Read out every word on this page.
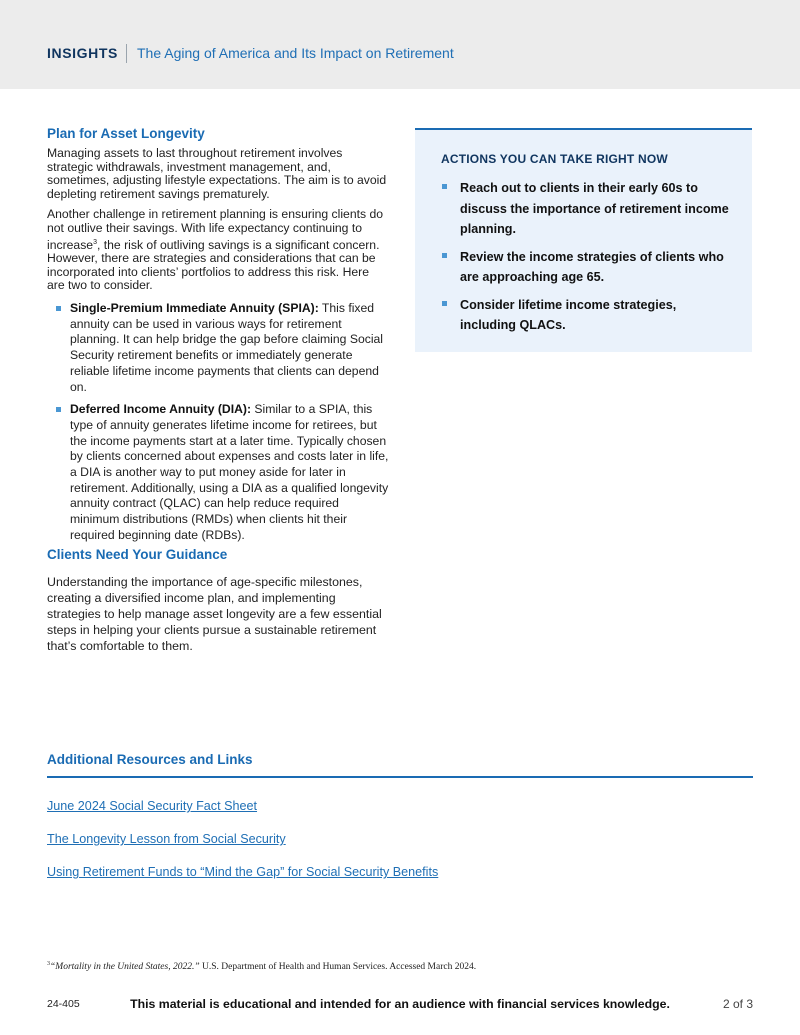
INSIGHTS The Aging of America and Its Impact on Retirement
Plan for Asset Longevity

Managing assets to last throughout retirement involves strategic withdrawals, investment management, and, sometimes, adjusting lifestyle expectations. The aim is to avoid depleting retirement savings prematurely.

Another challenge in retirement planning is ensuring clients do not outlive their savings. With life expectancy continuing to increase$^3$, the risk of outliving savings is a significant concern. However, there are strategies and considerations that can be incorporated into clients’ portfolios to address this risk. Here are two to consider.

Single-Premium Immediate Annuity (SPIA): This fixed annuity can be used in various ways for retirement planning. It can help bridge the gap before claiming Social Security retirement benefits or immediately generate reliable lifetime income payments that clients can depend on.
Deferred Income Annuity (DIA): Similar to a SPIA, this type of annuity generates lifetime income for retirees, but the income payments start at a later time. Typically chosen by clients concerned about expenses and costs later in life, a DIA is another way to put money aside for later in retirement. Additionally, using a DIA as a qualified longevity annuity contract (QLAC) can help reduce required minimum distributions (RMDs) when clients hit their required beginning date (RDBs).
Clients Need Your Guidance

Understanding the importance of age-specific milestones, creating a diversified income plan, and implementing strategies to help manage asset longevity are a few essential steps in helping your clients pursue a sustainable retirement that’s comfortable to them.

ACTIONS YOU CAN TAKE RIGHT NOW
Reach out to clients in their early 60s to discuss the importance of retirement income planning.
Review the income strategies of clients who are approaching age 65.
Consider lifetime income strategies, including QLACs.
Additional Resources and Links
June 2024 Social Security Fact Sheet
The Longevity Lesson from Social Security
Using Retirement Funds to “Mind the Gap” for Social Security Benefits
$^3$“Mortality in the United States, 2022.” U.S. Department of Health and Human Services. Accessed March 2024.
24-405	This material is educational and intended for an audience with financial services knowledge.	2 of 3
